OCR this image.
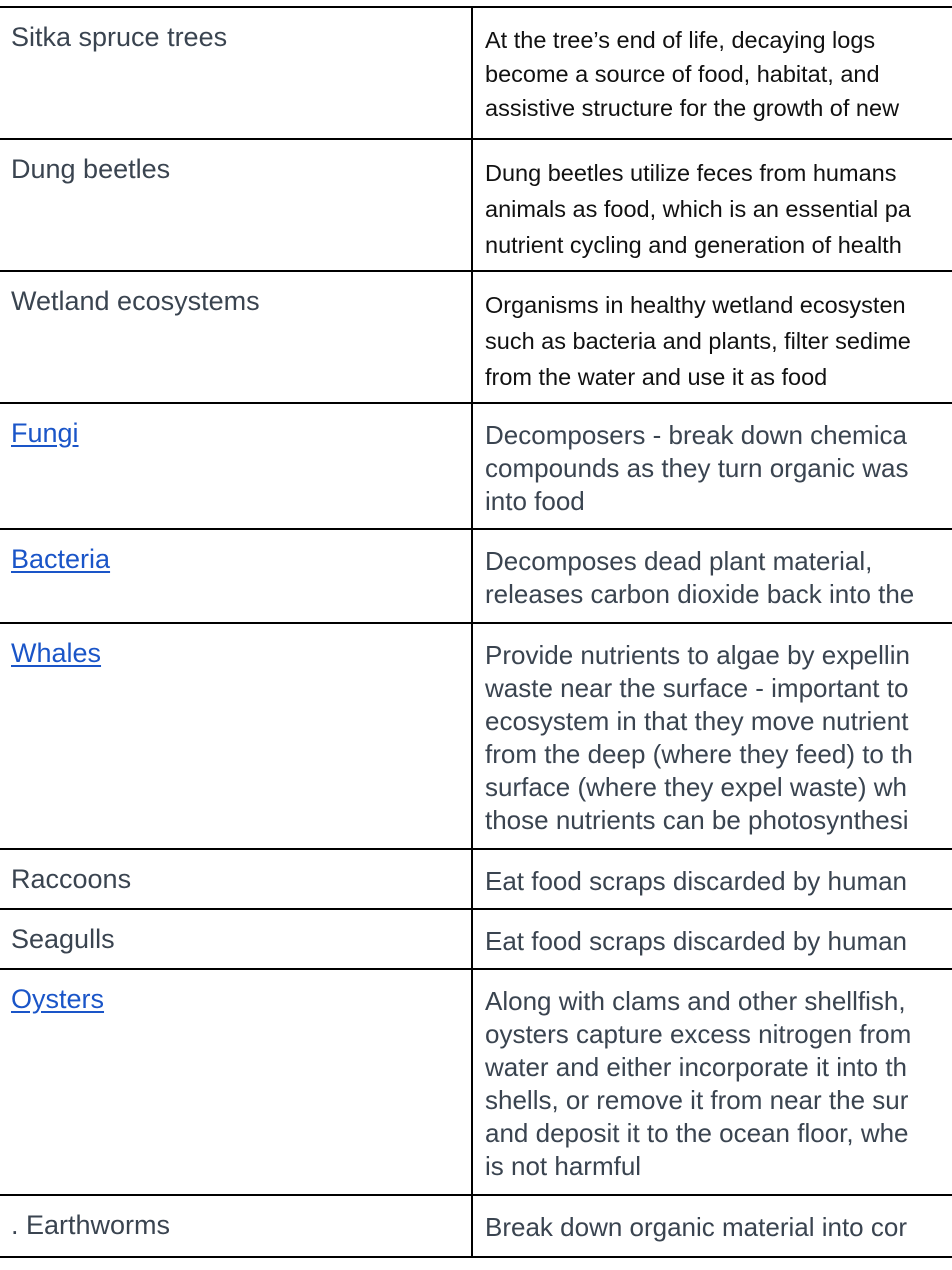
Sitka spruce trees	At the tree’s end of life, decaying logs
become a source of food, habitat, and
assistive structure for the growth of new
Dung beetles	Dung beetles utilize feces from humans
animals as food, which is an essential pa
nutrient cycling and generation of health
Wetland ecosystems	Organisms in healthy wetland ecosysten
such as bacteria and plants, filter sedime
from the water and use it as food
Fungi	Decomposers - break down chemica
compounds as they turn organic was
into food
Bacteria	Decomposes dead plant material,
releases carbon dioxide back into the
Whales	Provide nutrients to algae by expellin
waste near the surface - important to
ecosystem in that they move nutrient
from the deep (where they feed) to th
surface (where they expel waste) wh
those nutrients can be photosynthesi
Raccoons	Eat food scraps discarded by human
Seagulls	Eat food scraps discarded by human
Oysters	Along with clams and other shellfish,
oysters capture excess nitrogen from
water and either incorporate it into th
shells, or remove it from near the sur
and deposit it to the ocean floor, whe
is not harmful
. Earthworms	Break down organic material into cor
